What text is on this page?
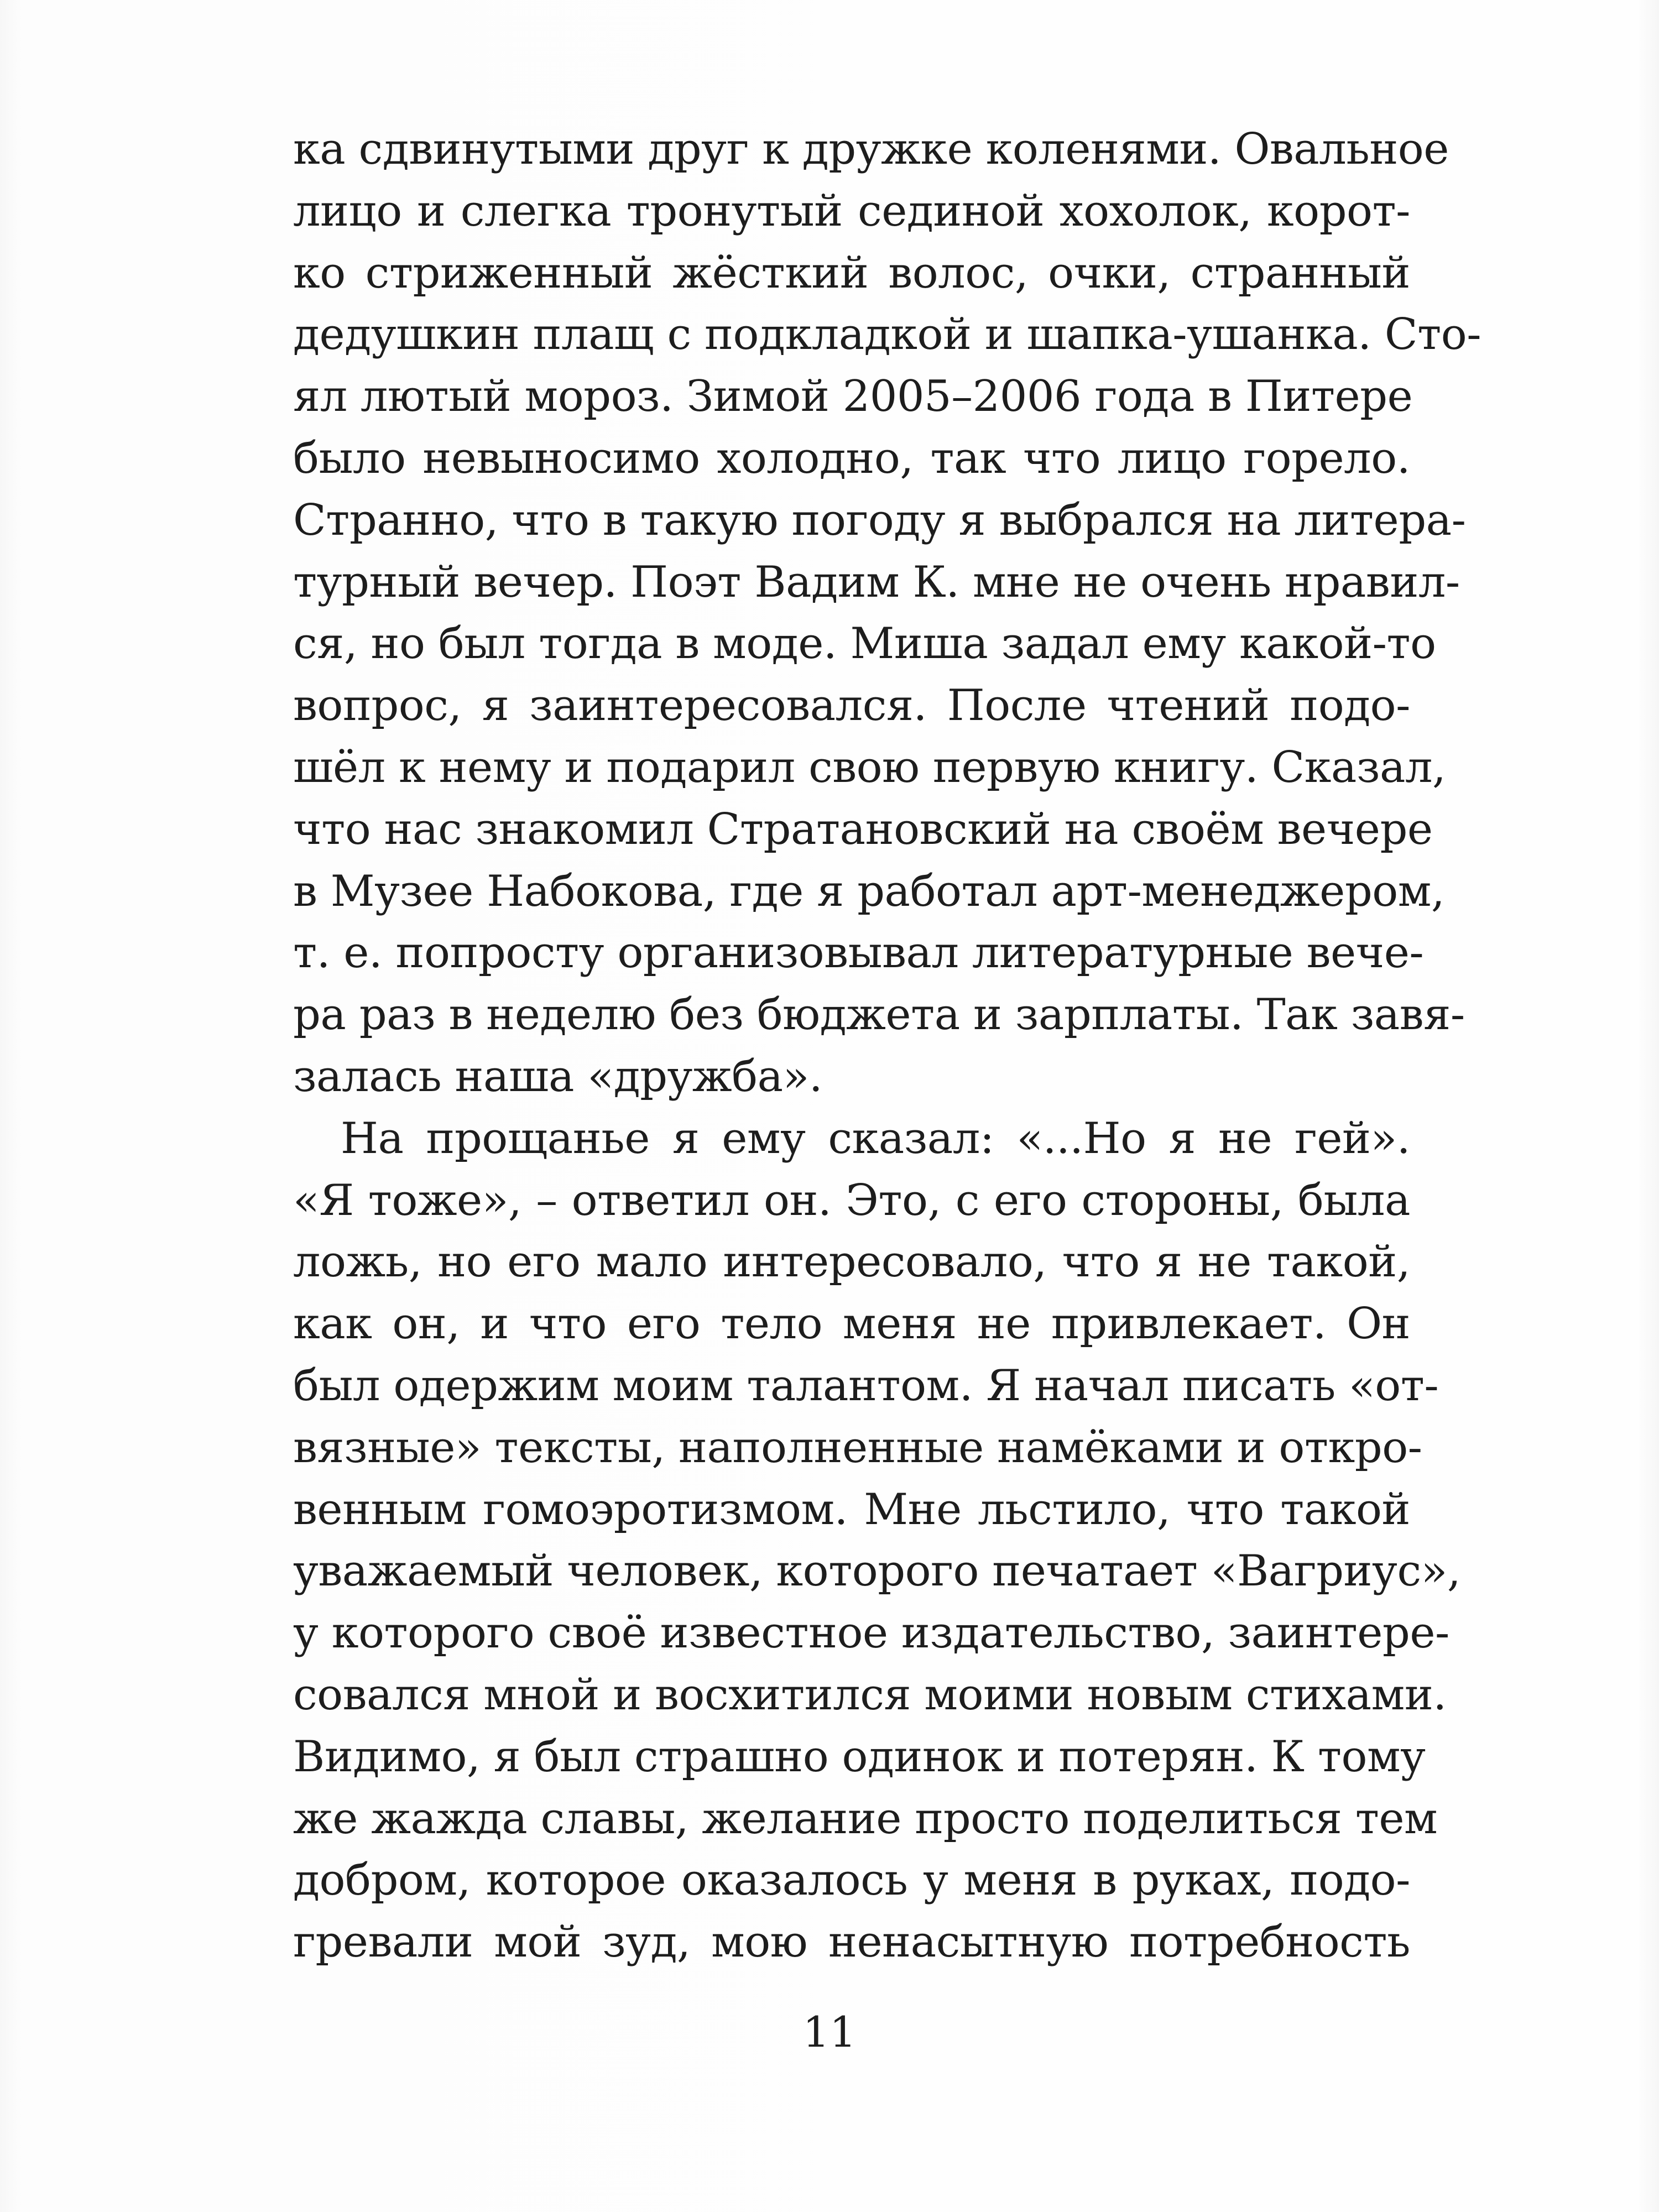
ка сдвинутыми друг к дружке коленями. Овальное
лицо и слегка тронутый сединой хохолок, корот-
ко стриженный жёсткий волос, очки, странный
дедушкин плащ с подкладкой и шапка-ушанка. Сто-
ял лютый мороз. Зимой 2005–2006 года в Питере
было невыносимо холодно, так что лицо горело.
Странно, что в такую погоду я выбрался на литера-
турный вечер. Поэт Вадим К. мне не очень нравил-
ся, но был тогда в моде. Миша задал ему какой-то
вопрос, я заинтересовался. После чтений подо-
шёл к нему и подарил свою первую книгу. Сказал,
что нас знакомил Стратановский на своём вечере
в Музее Набокова, где я работал арт-менеджером,
т. е. попросту организовывал литературные вече-
ра раз в неделю без бюджета и зарплаты. Так завя-
залась наша «дружба».
На прощанье я ему сказал: «...Но я не гей».
«Я тоже», – ответил он. Это, с его стороны, была
ложь, но его мало интересовало, что я не такой,
как он, и что его тело меня не привлекает. Он
был одержим моим талантом. Я начал писать «от-
вязные» тексты, наполненные намёками и откро-
венным гомоэротизмом. Мне льстило, что такой
уважаемый человек, которого печатает «Вагриус»,
у которого своё известное издательство, заинтере-
совался мной и восхитился моими новым стихами.
Видимо, я был страшно одинок и потерян. К тому
же жажда славы, желание просто поделиться тем
добром, которое оказалось у меня в руках, подо-
гревали мой зуд, мою ненасытную потребность
11
